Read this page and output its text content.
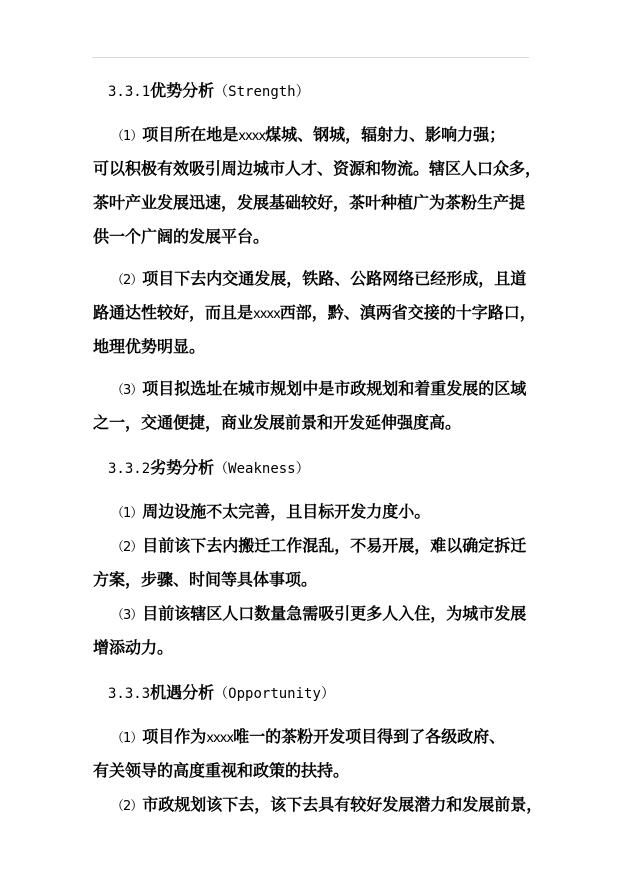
3.3.1优势分析（Strength）
（1）项目所在地是xxxx煤城、钢城，辐射力、影响力强；
可以积极有效吸引周边城市人才、资源和物流。辖区人口众多，
茶叶产业发展迅速，发展基础较好，茶叶种植广为茶粉生产提
供一个广阔的发展平台。
（2）项目下去内交通发展，铁路、公路网络已经形成，且道
路通达性较好，而且是xxxx西部，黔、滇两省交接的十字路口，
地理优势明显。
（3）项目拟选址在城市规划中是市政规划和着重发展的区域
之一，交通便捷，商业发展前景和开发延伸强度高。
3.3.2劣势分析（Weakness）
（1）周边设施不太完善，且目标开发力度小。
（2）目前该下去内搬迁工作混乱，不易开展，难以确定拆迁
方案，步骤、时间等具体事项。
（3）目前该辖区人口数量急需吸引更多人入住，为城市发展
增添动力。
3.3.3机遇分析（Opportunity）
（1）项目作为xxxx唯一的茶粉开发项目得到了各级政府、
有关领导的高度重视和政策的扶持。
（2）市政规划该下去，该下去具有较好发展潜力和发展前景，
